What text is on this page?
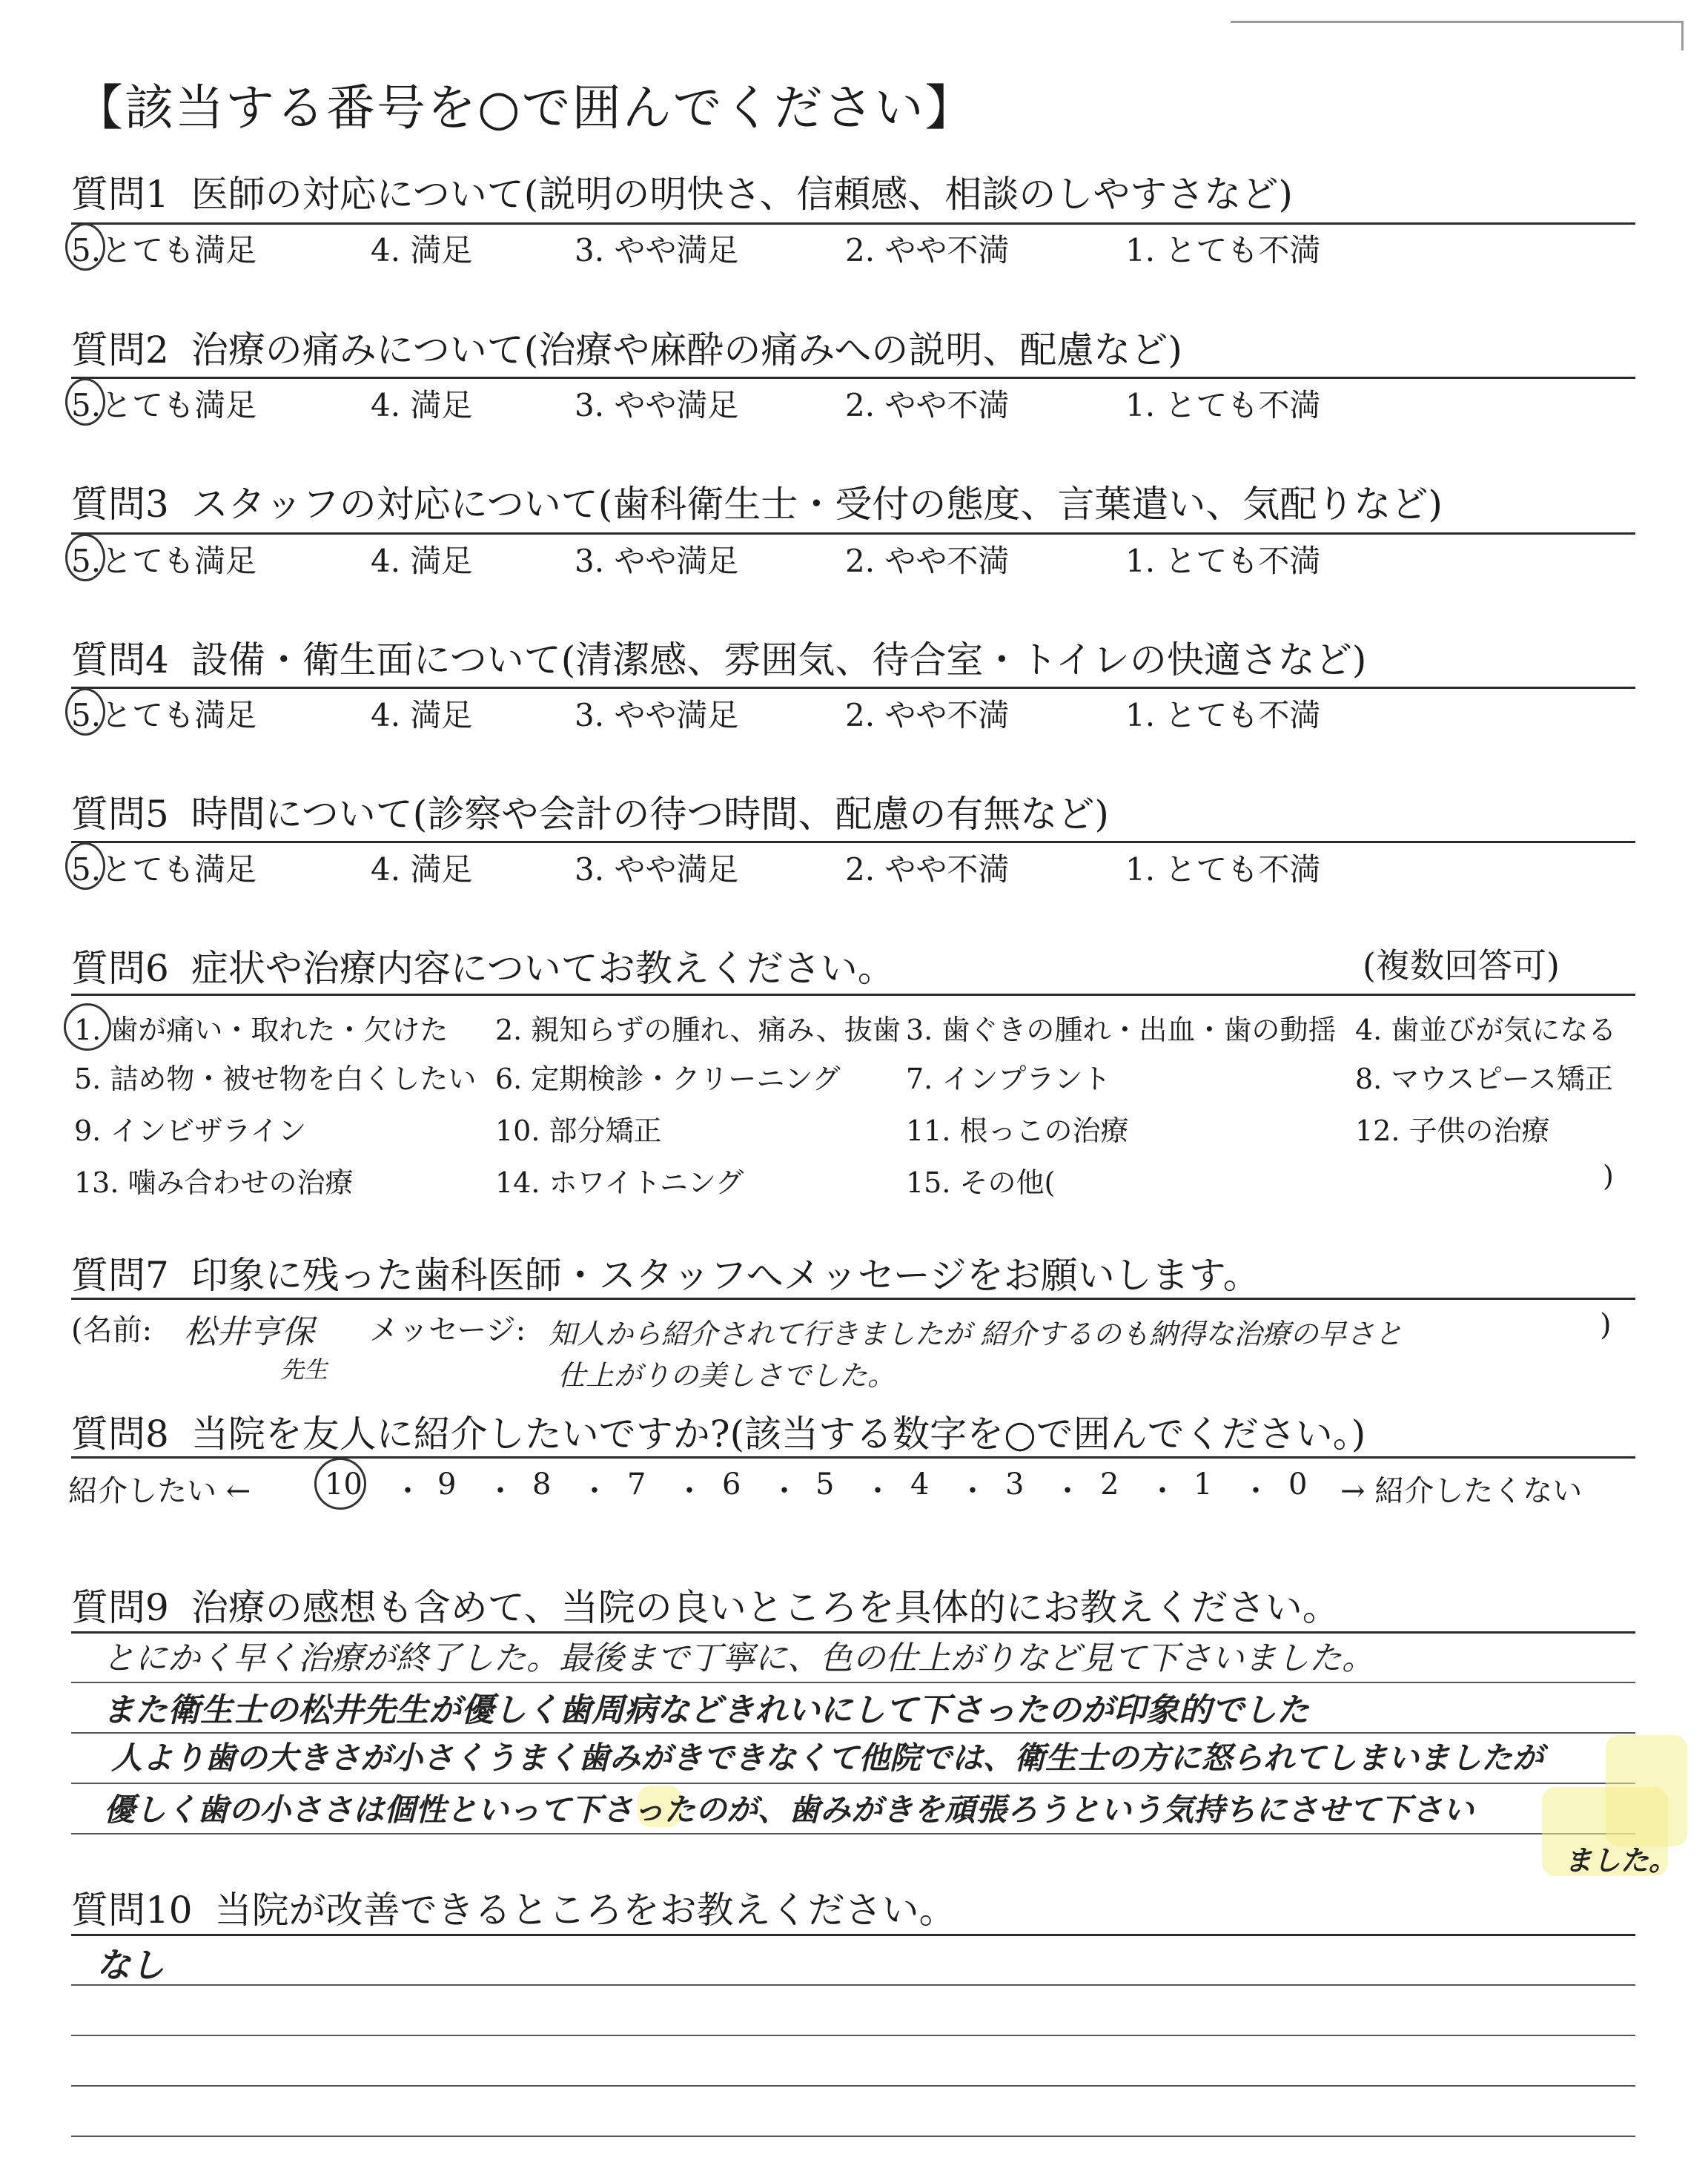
【該当する番号を○で囲んでください】
質問1 医師の対応について(説明の明快さ、信頼感、相談のしやすさなど)
5.とても満足	4. 満足	3. やや満足	2. やや不満	1. とても不満
質問2 治療の痛みについて(治療や麻酔の痛みへの説明、配慮など)
5.とても満足	4. 満足	3. やや満足	2. やや不満	1. とても不満
質問3 スタッフの対応について(歯科衛生士・受付の態度、言葉遣い、気配りなど)
5.とても満足	4. 満足	3. やや満足	2. やや不満	1. とても不満
質問4 設備・衛生面について(清潔感、雰囲気、待合室・トイレの快適さなど)
5.とても満足	4. 満足	3. やや満足	2. やや不満	1. とても不満
質問5 時間について(診察や会計の待つ時間、配慮の有無など)
5.とても満足	4. 満足	3. やや満足	2. やや不満	1. とても不満
質問6 症状や治療内容についてお教えください。	(複数回答可)
1. 歯が痛い・取れた・欠けた 2. 親知らずの腫れ、痛み、抜歯 3. 歯ぐきの腫れ・出血・歯の動揺 4. 歯並びが気になる
5. 詰め物・被せ物を白くしたい 6. 定期検診・クリーニング 7. インプラント	8. マウスピース矯正
9. インビザライン	10. 部分矯正	11. 根っこの治療	12. 子供の治療
13. 噛み合わせの治療	14. ホワイトニング	15. その他(	)
質問7 印象に残った歯科医師・スタッフへメッセージをお願いします。
(名前: 松井亨保
先生
メッセージ: 知人から紹介されて行きましたが 紹介するのも納得な治療の早さと
仕上がりの美しさでした。
)
質問8 当院を友人に紹介したいですか?(該当する数字を○で囲んでください。)
紹介したい ← 10 ・ 9 ・ 8 ・ 7 ・ 6 ・ 5 ・ 4 ・ 3 ・ 2 ・ 1 ・ 0 → 紹介したくない
質問9 治療の感想も含めて、当院の良いところを具体的にお教えください。
とにかく早く治療が終了した。最後まで丁寧に、色の仕上がりなど見て下さいました。
また衛生士の松井先生が優しく歯周病などきれいにして下さったのが印象的でした
人より歯の大きさが小さくうまく歯みがきできなくて他院では、衛生士の方に怒られてしまいましたが
優しく歯の小ささは個性といって下さったのが、歯みがきを頑張ろうという気持ちにさせて下さい
ました。
質問10 当院が改善できるところをお教えください。
なし
